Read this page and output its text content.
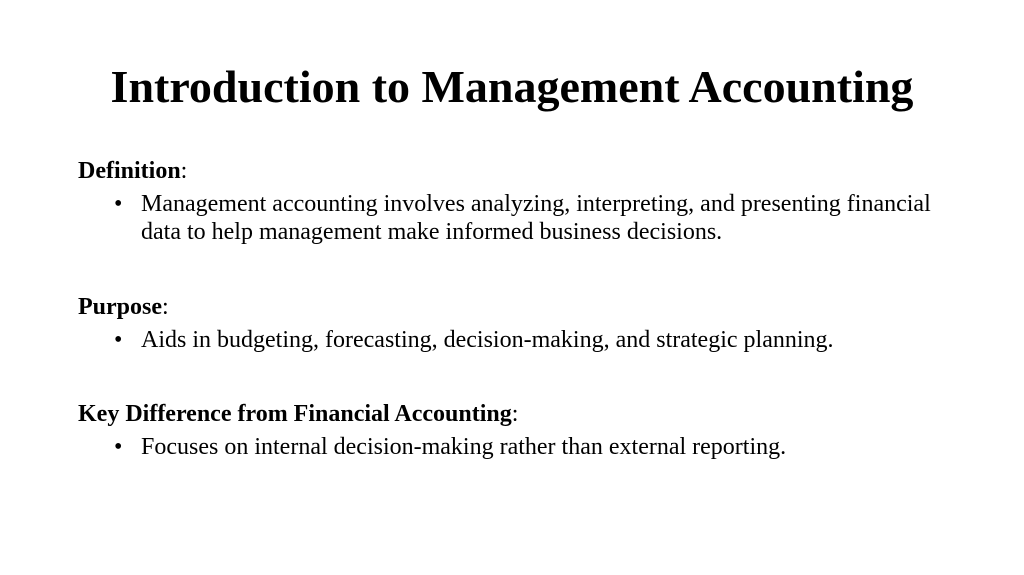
Introduction to Management Accounting
Definition:
• Management accounting involves analyzing, interpreting, and presenting financial data to help management make informed business decisions.
Purpose:
• Aids in budgeting, forecasting, decision-making, and strategic planning.
Key Difference from Financial Accounting:
• Focuses on internal decision-making rather than external reporting.
